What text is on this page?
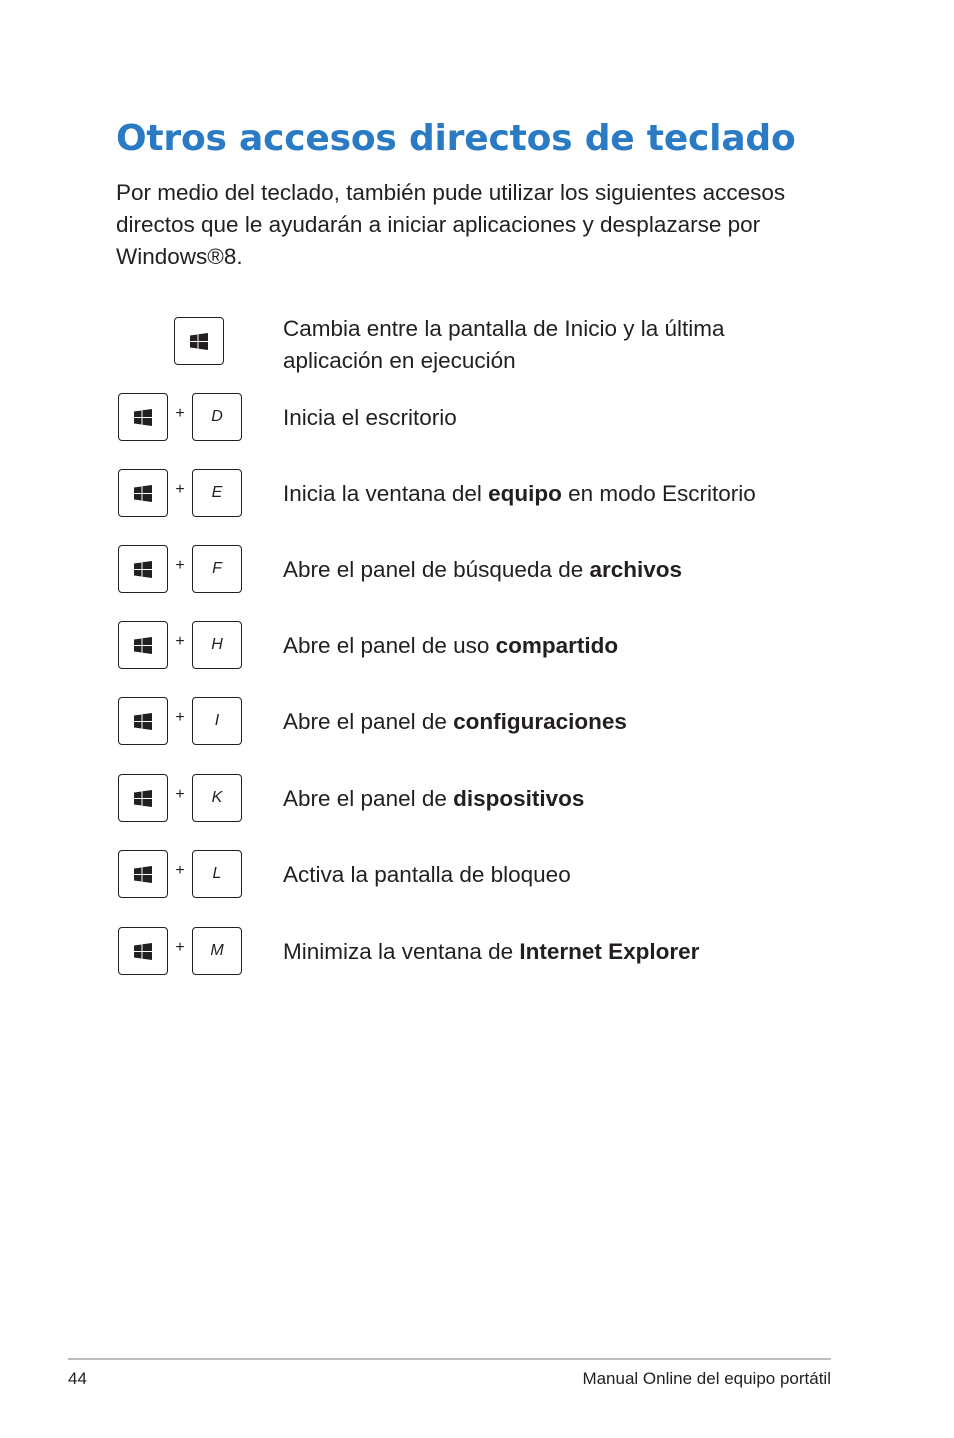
Otros accesos directos de teclado

Por medio del teclado, también pude utilizar los siguientes accesos directos que le ayudarán a iniciar aplicaciones y desplazarse por Windows®8.

Cambia entre la pantalla de Inicio y la última aplicación en ejecución
+	D	Inicia el escritorio
+	E	Inicia la ventana del equipo en modo Escritorio
+	F	Abre el panel de búsqueda de archivos
+	H	Abre el panel de uso compartido
+	I	Abre el panel de configuraciones
+	K	Abre el panel de dispositivos
+	L	Activa la pantalla de bloqueo
+	M	Minimiza la ventana de Internet Explorer
44	Manual Online del equipo portátil
